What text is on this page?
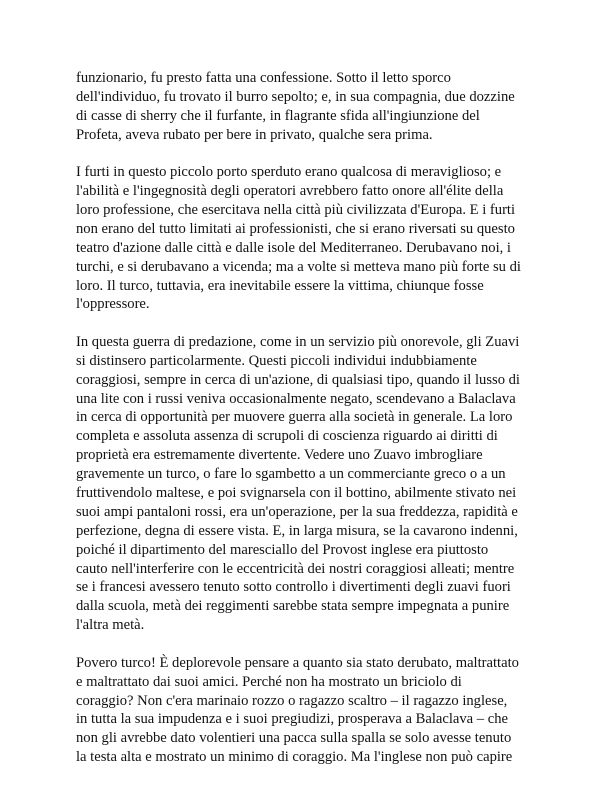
funzionario, fu presto fatta una confessione. Sotto il letto sporco
dell'individuo, fu trovato il burro sepolto; e, in sua compagnia, due dozzine
di casse di sherry che il furfante, in flagrante sfida all'ingiunzione del
Profeta, aveva rubato per bere in privato, qualche sera prima.
I furti in questo piccolo porto sperduto erano qualcosa di meraviglioso; e
l'abilità e l'ingegnosità degli operatori avrebbero fatto onore all'élite della
loro professione, che esercitava nella città più civilizzata d'Europa. E i furti
non erano del tutto limitati ai professionisti, che si erano riversati su questo
teatro d'azione dalle città e dalle isole del Mediterraneo. Derubavano noi, i
turchi, e si derubavano a vicenda; ma a volte si metteva mano più forte su di
loro. Il turco, tuttavia, era inevitabile essere la vittima, chiunque fosse
l'oppressore.
In questa guerra di predazione, come in un servizio più onorevole, gli Zuavi
si distinsero particolarmente. Questi piccoli individui indubbiamente
coraggiosi, sempre in cerca di un'azione, di qualsiasi tipo, quando il lusso di
una lite con i russi veniva occasionalmente negato, scendevano a Balaclava
in cerca di opportunità per muovere guerra alla società in generale. La loro
completa e assoluta assenza di scrupoli di coscienza riguardo ai diritti di
proprietà era estremamente divertente. Vedere uno Zuavo imbrogliare
gravemente un turco, o fare lo sgambetto a un commerciante greco o a un
fruttivendolo maltese, e poi svignarsela con il bottino, abilmente stivato nei
suoi ampi pantaloni rossi, era un'operazione, per la sua freddezza, rapidità e
perfezione, degna di essere vista. E, in larga misura, se la cavarono indenni,
poiché il dipartimento del maresciallo del Provost inglese era piuttosto
cauto nell'interferire con le eccentricità dei nostri coraggiosi alleati; mentre
se i francesi avessero tenuto sotto controllo i divertimenti degli zuavi fuori
dalla scuola, metà dei reggimenti sarebbe stata sempre impegnata a punire
l'altra metà.
Povero turco! È deplorevole pensare a quanto sia stato derubato, maltrattato
e maltrattato dai suoi amici. Perché non ha mostrato un briciolo di
coraggio? Non c'era marinaio rozzo o ragazzo scaltro – il ragazzo inglese,
in tutta la sua impudenza e i suoi pregiudizi, prosperava a Balaclava – che
non gli avrebbe dato volentieri una pacca sulla spalla se solo avesse tenuto
la testa alta e mostrato un minimo di coraggio. Ma l'inglese non può capire
